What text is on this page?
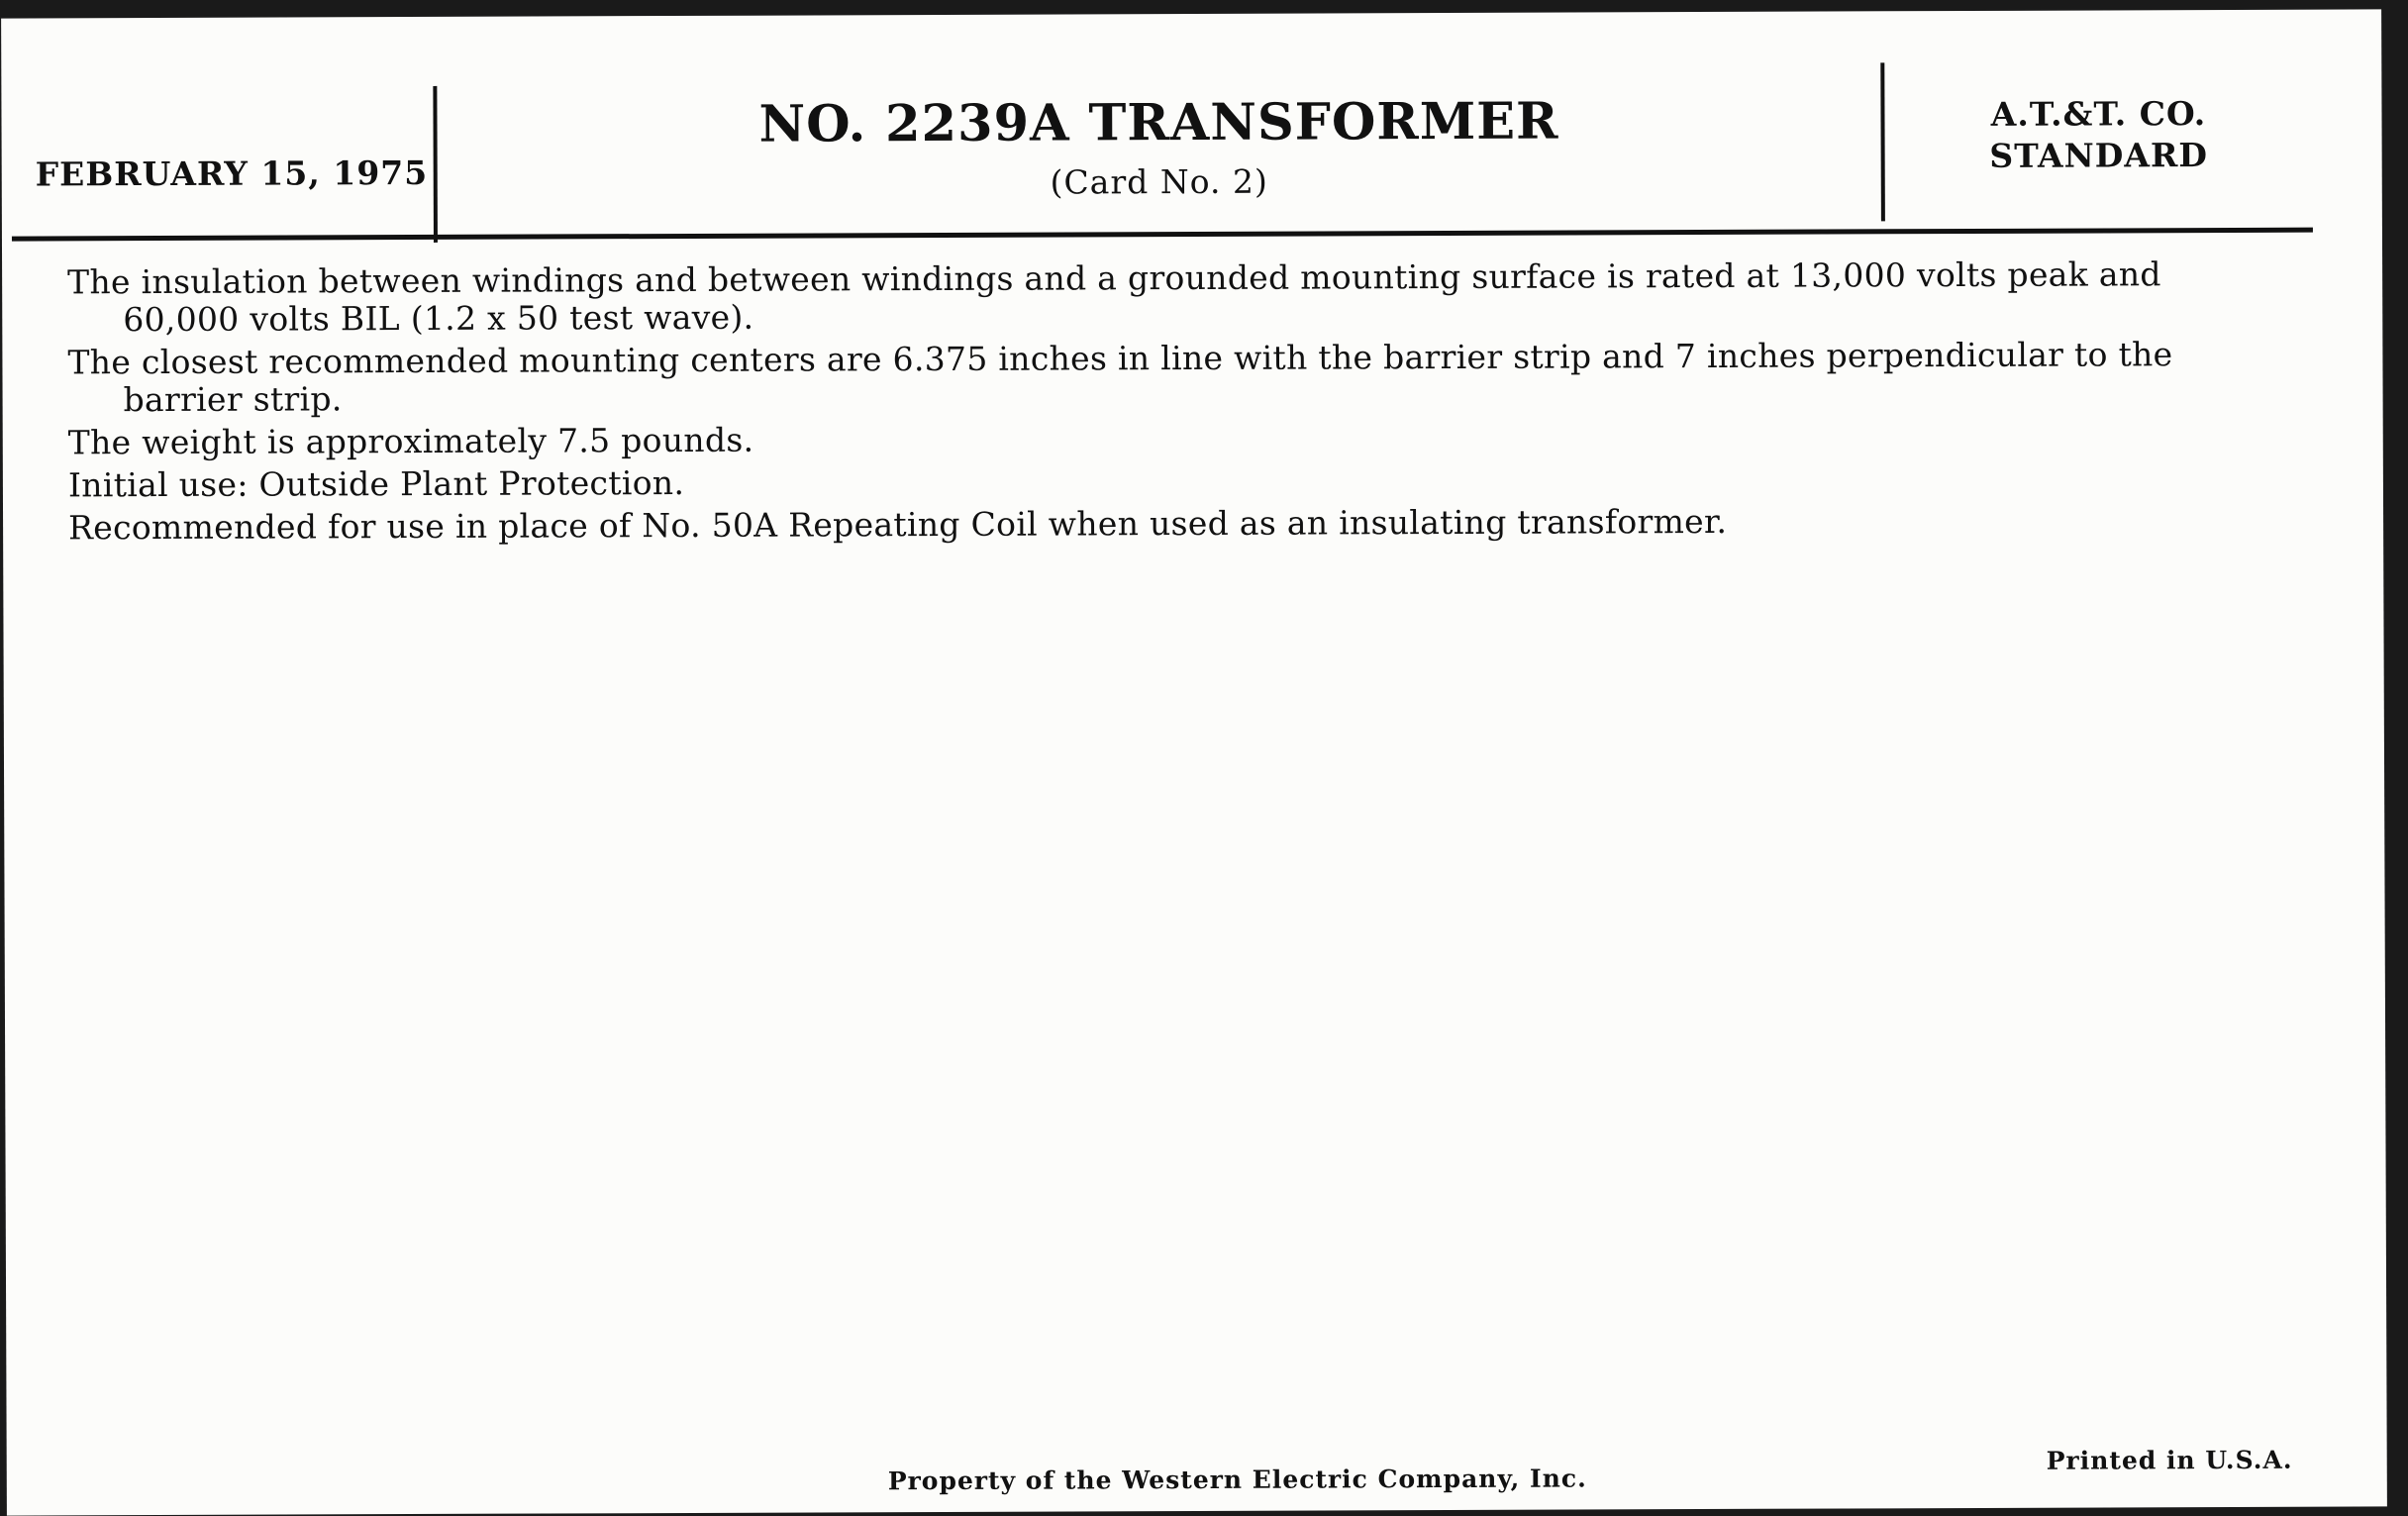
FEBRUARY 15, 1975
NO. 2239A TRANSFORMER
(Card No. 2)
A.T.&T. CO.
STANDARD

The insulation between windings and between windings and a grounded mounting surface is rated at 13,000 volts peak and 60,000 volts BIL (1.2 x 50 test wave).

The closest recommended mounting centers are 6.375 inches in line with the barrier strip and 7 inches perpendicular to the barrier strip.

The weight is approximately 7.5 pounds.

Initial use: Outside Plant Protection.

Recommended for use in place of No. 50A Repeating Coil when used as an insulating transformer.

Property of the Western Electric Company, Inc.
Printed in U.S.A.
